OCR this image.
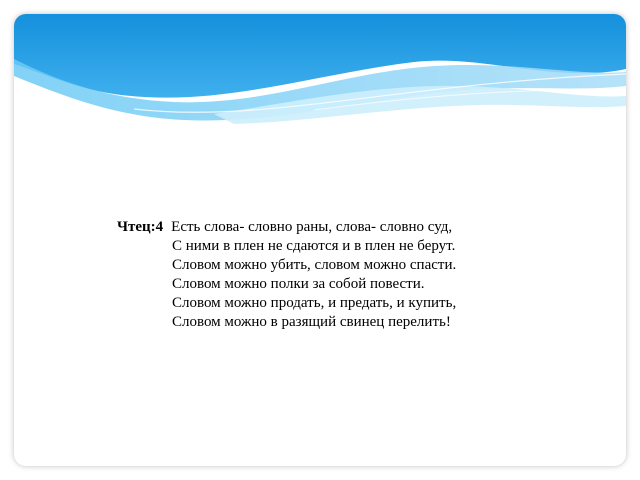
Чтец:4 Есть слова- словно раны, слова- словно суд,
С ними в плен не сдаются и в плен не берут.
Словом можно убить, словом можно спасти.
Словом можно полки за собой повести.
Словом можно продать, и предать, и купить,
Словом можно в разящий свинец перелить!
